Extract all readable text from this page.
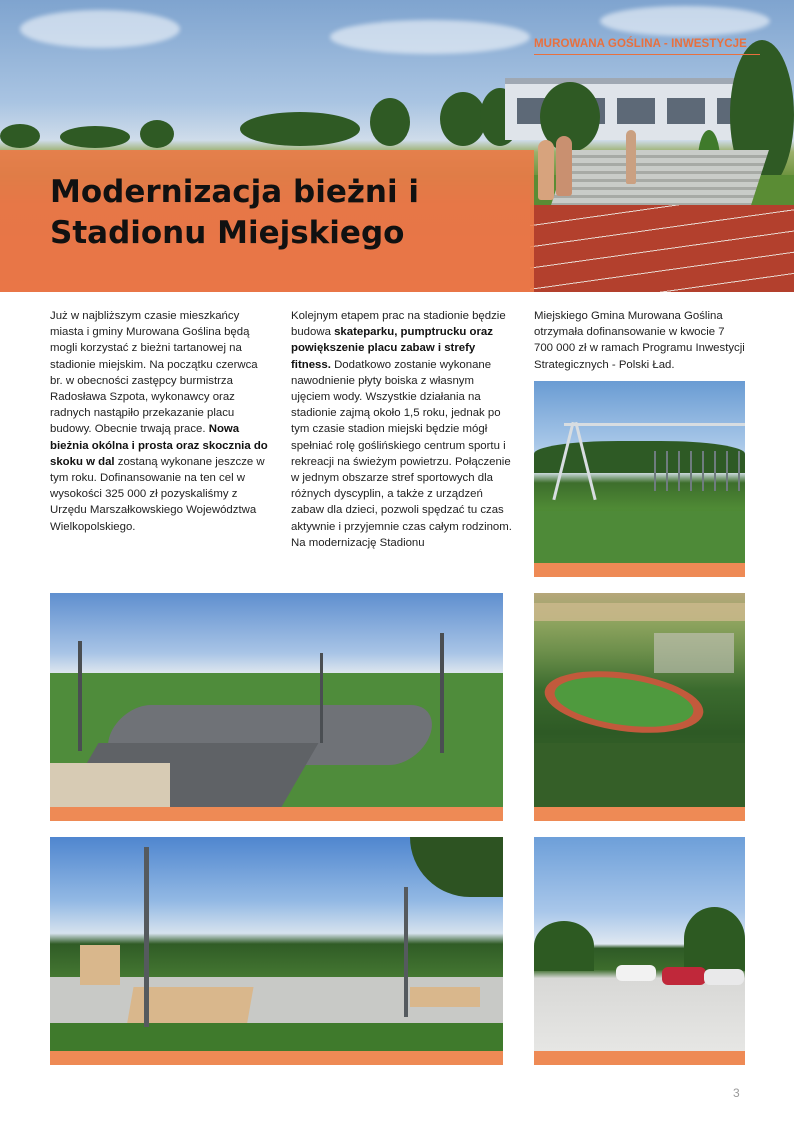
Modernizacja bieżni i Stadionu Miejskiego
MUROWANA GOŚLINA - INWESTYCJE
Już w najbliższym czasie mieszkańcy miasta i gminy Murowana Goślina będą mogli korzystać z bieżni tartanowej na stadionie miejskim. Na początku czerwca br. w obecności zastępcy burmistrza Radosława Szpota, wykonawcy oraz radnych nastąpiło przekazanie placu budowy. Obecnie trwają prace. Nowa bieżnia okólna i prosta oraz skocznia do skoku w dal zostaną wykonane jeszcze w tym roku. Dofinansowanie na ten cel w wysokości 325 000 zł pozyskaliśmy z Urzędu Marszałkowskiego Województwa Wielkopolskiego.
Kolejnym etapem prac na stadionie będzie budowa skateparku, pumptrucku oraz powiększenie placu zabaw i strefy fitness. Dodatkowo zostanie wykonane nawodnienie płyty boiska z własnym ujęciem wody. Wszystkie działania na stadionie zajmą około 1,5 roku, jednak po tym czasie stadion miejski będzie mógł spełniać rolę goślińskiego centrum sportu i rekreacji na świeżym powietrzu. Połączenie w jednym obszarze stref sportowych dla różnych dyscyplin, a także z urządzeń zabaw dla dzieci, pozwoli spędzać tu czas aktywnie i przyjemnie czas całym rodzinom. Na modernizację Stadionu
Miejskiego Gmina Murowana Goślina otrzymała dofinansowanie w kwocie 7 700 000 zł w ramach Programu Inwestycji Strategicznych - Polski Ład.
3
